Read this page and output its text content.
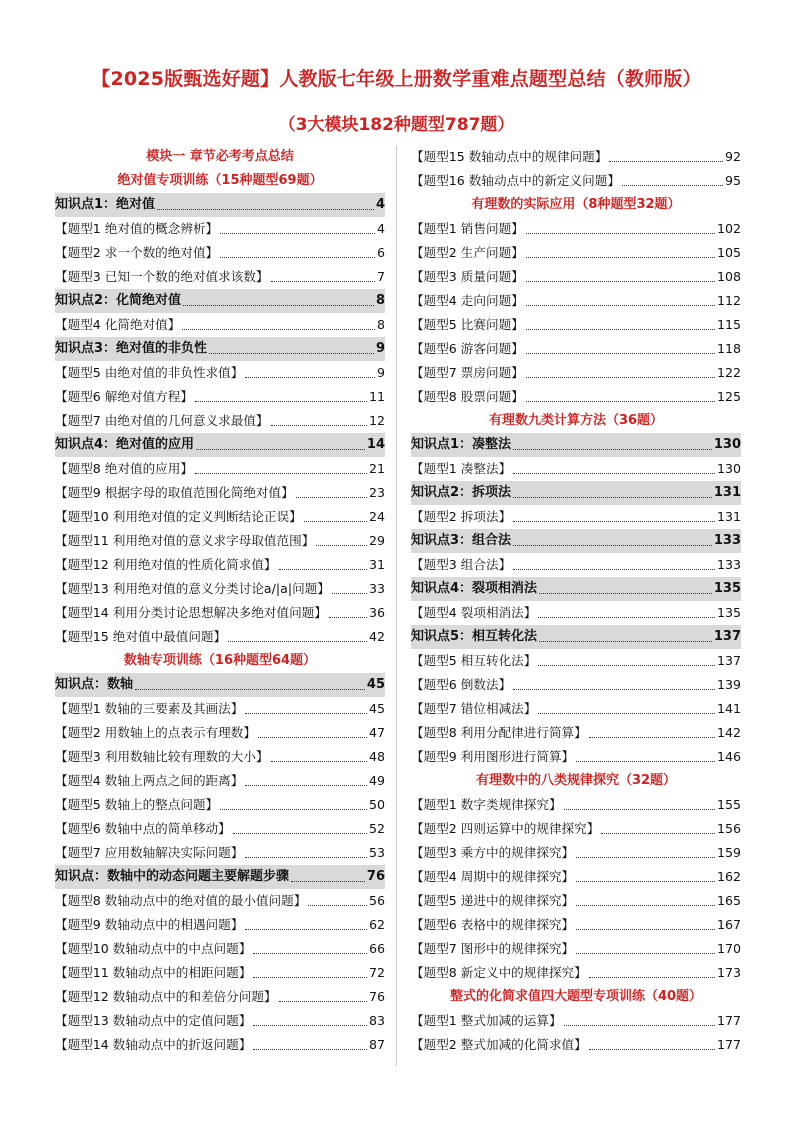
【2025版甄选好题】人教版七年级上册数学重难点题型总结（教师版）
（3大模块182种题型787题）
模块一 章节必考考点总结
绝对值专项训练（15种题型69题）
知识点1：绝对值	4
【题型1 绝对值的概念辨析】	4
【题型2 求一个数的绝对值】	6
【题型3 已知一个数的绝对值求该数】	7
知识点2：化简绝对值	8
【题型4 化简绝对值】	8
知识点3：绝对值的非负性	9
【题型5 由绝对值的非负性求值】	9
【题型6 解绝对值方程】	11
【题型7 由绝对值的几何意义求最值】	12
知识点4：绝对值的应用	14
【题型8 绝对值的应用】	21
【题型9 根据字母的取值范围化简绝对值】	23
【题型10 利用绝对值的定义判断结论正误】	24
【题型11 利用绝对值的意义求字母取值范围】	29
【题型12 利用绝对值的性质化简求值】	31
【题型13 利用绝对值的意义分类讨论a/|a|问题】	33
【题型14 利用分类讨论思想解决多绝对值问题】	36
【题型15 绝对值中最值问题】	42
数轴专项训练（16种题型64题）
知识点：数轴	45
【题型1 数轴的三要素及其画法】	45
【题型2 用数轴上的点表示有理数】	47
【题型3 利用数轴比较有理数的大小】	48
【题型4 数轴上两点之间的距离】	49
【题型5 数轴上的整点问题】	50
【题型6 数轴中点的简单移动】	52
【题型7 应用数轴解决实际问题】	53
知识点：数轴中的动态问题主要解题步骤	76
【题型8 数轴动点中的绝对值的最小值问题】	56
【题型9 数轴动点中的相遇问题】	62
【题型10 数轴动点中的中点问题】	66
【题型11 数轴动点中的相距问题】	72
【题型12 数轴动点中的和差倍分问题】	76
【题型13 数轴动点中的定值问题】	83
【题型14 数轴动点中的折返问题】	87
【题型15 数轴动点中的规律问题】	92
【题型16 数轴动点中的新定义问题】	95
有理数的实际应用（8种题型32题）
【题型1 销售问题】	102
【题型2 生产问题】	105
【题型3 质量问题】	108
【题型4 走向问题】	112
【题型5 比赛问题】	115
【题型6 游客问题】	118
【题型7 票房问题】	122
【题型8 股票问题】	125
有理数九类计算方法（36题）
知识点1：凑整法	130
【题型1 凑整法】	130
知识点2：拆项法	131
【题型2 拆项法】	131
知识点3：组合法	133
【题型3 组合法】	133
知识点4：裂项相消法	135
【题型4 裂项相消法】	135
知识点5：相互转化法	137
【题型5 相互转化法】	137
【题型6 倒数法】	139
【题型7 错位相减法】	141
【题型8 利用分配律进行简算】	142
【题型9 利用图形进行简算】	146
有理数中的八类规律探究（32题）
【题型1 数字类规律探究】	155
【题型2 四则运算中的规律探究】	156
【题型3 乘方中的规律探究】	159
【题型4 周期中的规律探究】	162
【题型5 递进中的规律探究】	165
【题型6 表格中的规律探究】	167
【题型7 图形中的规律探究】	170
【题型8 新定义中的规律探究】	173
整式的化简求值四大题型专项训练（40题）
【题型1 整式加减的运算】	177
【题型2 整式加减的化简求值】	177
